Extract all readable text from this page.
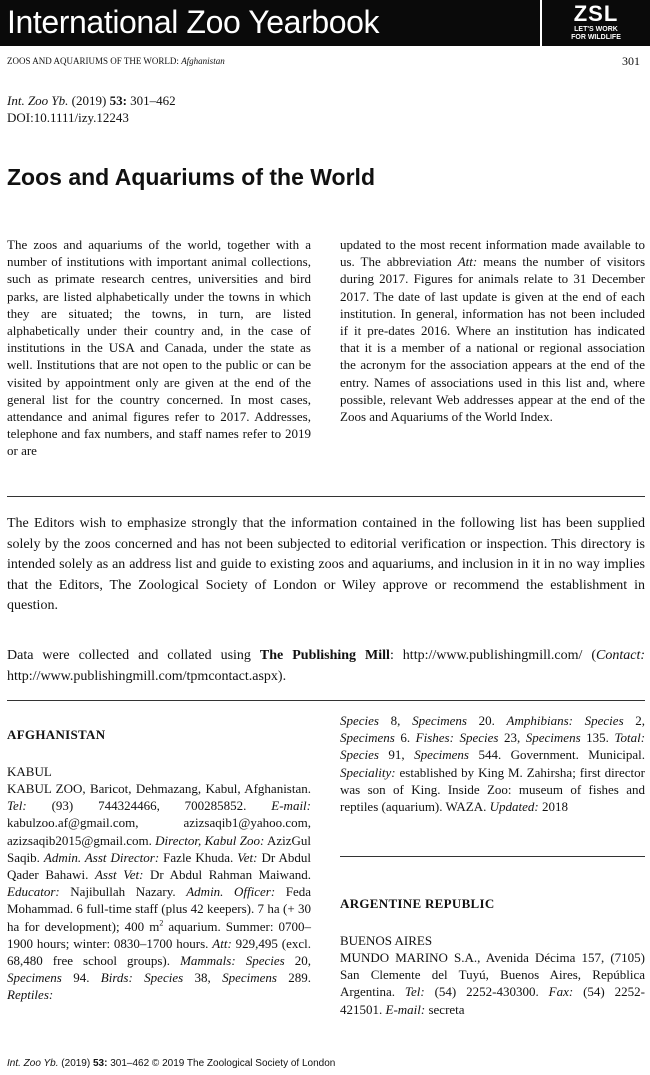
International Zoo Yearbook	ZSL
LET'S WORK
FOR WILDLIFE
ZOOS AND AQUARIUMS OF THE WORLD: Afghanistan	301
Int. Zoo Yb. (2019) 53: 301–462
DOI:10.1111/izy.12243
Zoos and Aquariums of the World

The zoos and aquariums of the world, together with a number of institutions with important animal collections, such as primate research centres, universities and bird parks, are listed alphabetically under the towns in which they are situated; the towns, in turn, are listed alphabetically under their country and, in the case of institutions in the USA and Canada, under the state as well. Institutions that are not open to the public or can be visited by appointment only are given at the end of the general list for the country concerned. In most cases, attendance and animal figures refer to 2017. Addresses, telephone and fax numbers, and staff names refer to 2019 or are

updated to the most recent information made available to us. The abbreviation Att: means the number of visitors during 2017. Figures for animals relate to 31 December 2017. The date of last update is given at the end of each institution. In general, information has not been included if it pre-dates 2016. Where an institution has indicated that it is a member of a national or regional association the acronym for the association appears at the end of the entry. Names of associations used in this list and, where possible, relevant Web addresses appear at the end of the Zoos and Aquariums of the World Index.

The Editors wish to emphasize strongly that the information contained in the following list has been supplied solely by the zoos concerned and has not been subjected to editorial verification or inspection. This directory is intended solely as an address list and guide to existing zoos and aquariums, and inclusion in it in no way implies that the Editors, The Zoological Society of London or Wiley approve or recommend the establishment in question.

Data were collected and collated using The Publishing Mill: http://www.publishingmill.com/ (Contact: http://www.publishingmill.com/tpmcontact.aspx).

AFGHANISTAN
KABUL

KABUL ZOO, Baricot, Dehmazang, Kabul, Afghanistan. Tel: (93) 744324466, 700285852. E-mail: kabulzoo.af@gmail.com, azizsaqib1@yahoo.com, azizsaqib2015@gmail.com. Director, Kabul Zoo: AzizGul Saqib. Admin. Asst Director: Fazle Khuda. Vet: Dr Abdul Qader Bahawi. Asst Vet: Dr Abdul Rahman Maiwand. Educator: Najibullah Nazary. Admin. Officer: Feda Mohammad. 6 full-time staff (plus 42 keepers). 7 ha (+ 30 ha for development); 400 $m^2$ aquarium. Summer: 0700–1900 hours; winter: 0830–1700 hours. Att: 929,495 (excl. 68,480 free school groups). Mammals: Species 20, Specimens 94. Birds: Species 38, Specimens 289. Reptiles:

Species 8, Specimens 20. Amphibians: Species 2, Specimens 6. Fishes: Species 23, Specimens 135. Total: Species 91, Specimens 544. Government. Municipal. Speciality: established by King M. Zahirsha; first director was son of King. Inside Zoo: museum of fishes and reptiles (aquarium). WAZA. Updated: 2018

ARGENTINE REPUBLIC
BUENOS AIRES

MUNDO MARINO S.A., Avenida Décima 157, (7105) San Clemente del Tuyú, Buenos Aires, República Argentina. Tel: (54) 2252-430300. Fax: (54) 2252-421501. E-mail: secreta

Int. Zoo Yb. (2019) 53: 301–462 © 2019 The Zoological Society of London
